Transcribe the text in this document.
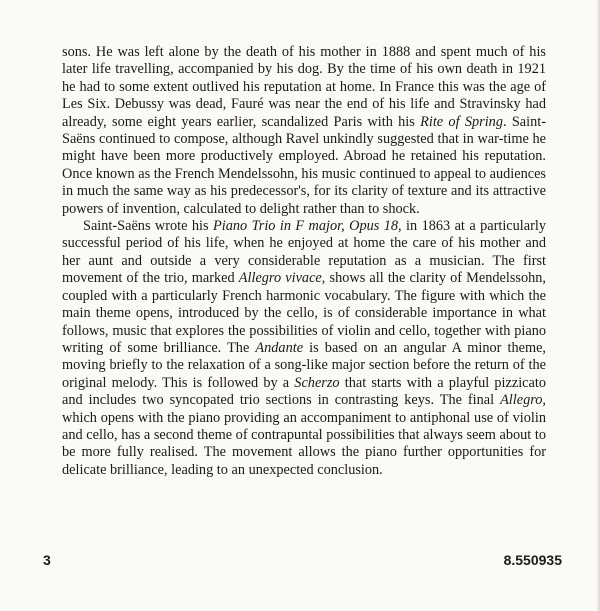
sons. He was left alone by the death of his mother in 1888 and spent much of his later life travelling, accompanied by his dog. By the time of his own death in 1921 he had to some extent outlived his reputation at home. In France this was the age of Les Six. Debussy was dead, Fauré was near the end of his life and Stravinsky had already, some eight years earlier, scandalized Paris with his Rite of Spring. Saint-Saëns continued to compose, although Ravel unkindly suggested that in war-time he might have been more productively employed. Abroad he retained his reputation. Once known as the French Mendelssohn, his music continued to appeal to audiences in much the same way as his predecessor's, for its clarity of texture and its attractive powers of invention, calculated to delight rather than to shock.

Saint-Saëns wrote his Piano Trio in F major, Opus 18, in 1863 at a particularly successful period of his life, when he enjoyed at home the care of his mother and her aunt and outside a very considerable reputation as a musician. The first movement of the trio, marked Allegro vivace, shows all the clarity of Mendelssohn, coupled with a particularly French harmonic vocabulary. The figure with which the main theme opens, introduced by the cello, is of considerable importance in what follows, music that explores the possibilities of violin and cello, together with piano writing of some brilliance. The Andante is based on an angular A minor theme, moving briefly to the relaxation of a song-like major section before the return of the original melody. This is followed by a Scherzo that starts with a playful pizzicato and includes two syncopated trio sections in contrasting keys. The final Allegro, which opens with the piano providing an accompaniment to antiphonal use of violin and cello, has a second theme of contrapuntal possibilities that always seem about to be more fully realised. The movement allows the piano further opportunities for delicate brilliance, leading to an unexpected conclusion.

3	8.550935
